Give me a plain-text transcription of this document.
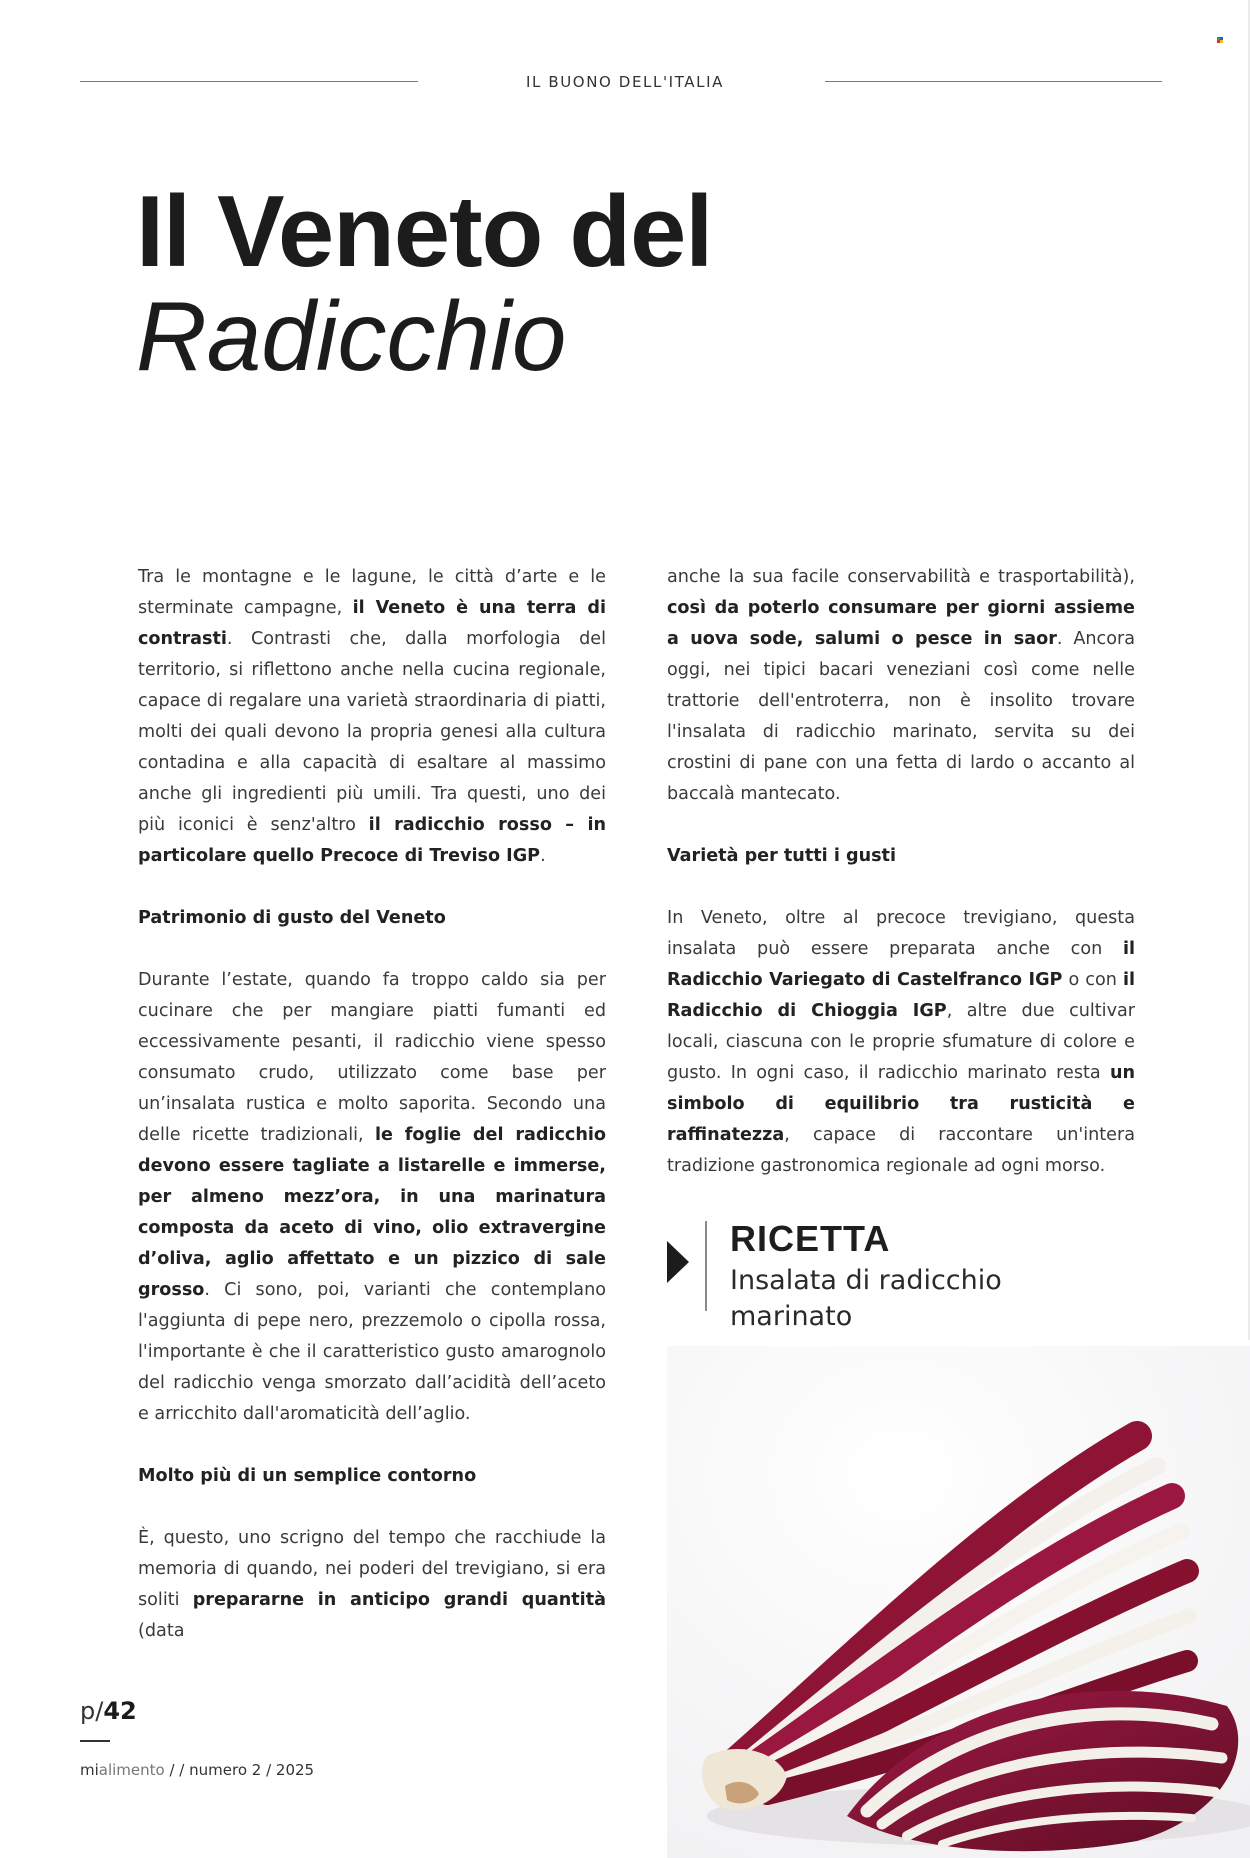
IL BUONO DELL'ITALIA
Il Veneto del
Radicchio

Tra le montagne e le lagune, le città d’arte e le sterminate campagne, il Veneto è una terra di contrasti. Contrasti che, dalla morfologia del territorio, si riflettono anche nella cucina regionale, capace di regalare una varietà straordinaria di piatti, molti dei quali devono la propria genesi alla cultura contadina e alla capacità di esaltare al massimo anche gli ingredienti più umili. Tra questi, uno dei più iconici è senz'altro il radicchio rosso – in particolare quello Precoce di Treviso IGP.

Patrimonio di gusto del Veneto

Durante l’estate, quando fa troppo caldo sia per cucinare che per mangiare piatti fumanti ed eccessivamente pesanti, il radicchio viene spesso consumato crudo, utilizzato come base per un’insalata rustica e molto saporita. Secondo una delle ricette tradizionali, le foglie del radicchio devono essere tagliate a listarelle e immerse, per almeno mezz’ora, in una marinatura composta da aceto di vino, olio extravergine d’oliva, aglio affettato e un pizzico di sale grosso. Ci sono, poi, varianti che contemplano l'aggiunta di pepe nero, prezzemolo o cipolla rossa, l'importante è che il caratteristico gusto amarognolo del radicchio venga smorzato dall’acidità dell’aceto e arricchito dall'aromaticità dell’aglio.

Molto più di un semplice contorno

È, questo, uno scrigno del tempo che racchiude la memoria di quando, nei poderi del trevigiano, si era soliti prepararne in anticipo grandi quantità (data

anche la sua facile conservabilità e trasportabilità), così da poterlo consumare per giorni assieme a uova sode, salumi o pesce in saor. Ancora oggi, nei tipici bacari veneziani così come nelle trattorie dell'entroterra, non è insolito trovare l'insalata di radicchio marinato, servita su dei crostini di pane con una fetta di lardo o accanto al baccalà mantecato.

Varietà per tutti i gusti

In Veneto, oltre al precoce trevigiano, questa insalata può essere preparata anche con il Radicchio Variegato di Castelfranco IGP o con il Radicchio di Chioggia IGP, altre due cultivar locali, ciascuna con le proprie sfumature di colore e gusto. In ogni caso, il radicchio marinato resta un simbolo di equilibrio tra rusticità e raffinatezza, capace di raccontare un'intera tradizione gastronomica regionale ad ogni morso.

RICETTA
Insalata di radicchio marinato
p/42
mialimento / / numero 2 / 2025
